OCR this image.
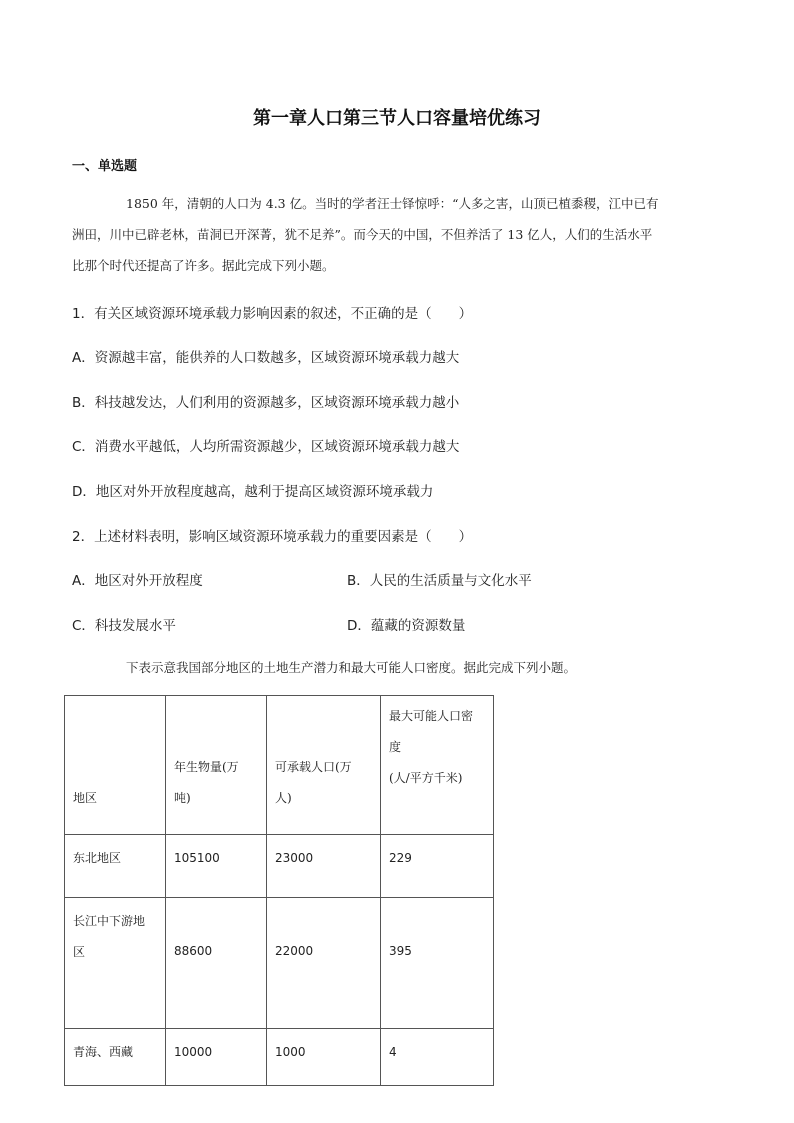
第一章人口第三节人口容量培优练习
一、单选题

1850 年，清朝的人口为 4.3 亿。当时的学者汪士铎惊呼：“人多之害，山顶已植黍稷，江中已有

洲田，川中已辟老林，苗洞已开深菁，犹不足养”。而今天的中国，不但养活了 13 亿人，人们的生活水平

比那个时代还提高了许多。据此完成下列小题。

1．有关区域资源环境承载力影响因素的叙述，不正确的是（　　）
A．资源越丰富，能供养的人口数越多，区域资源环境承载力越大
B．科技越发达，人们利用的资源越多，区域资源环境承载力越小
C．消费水平越低，人均所需资源越少，区域资源环境承载力越大
D．地区对外开放程度越高，越利于提高区域资源环境承载力
2．上述材料表明，影响区域资源环境承载力的重要因素是（　　）
A．地区对外开放程度	B．人民的生活质量与文化水平
C．科技发展水平	D．蕴藏的资源数量

下表示意我国部分地区的土地生产潜力和最大可能人口密度。据此完成下列小题。

地区	年生物量(万
吨)	可承载人口(万
人)	最大可能人口密
度
(人/平方千米)

东北地区	105100	23000	229

长江中下游地
区	88600	22000	395
青海、西藏	10000	1000	4
